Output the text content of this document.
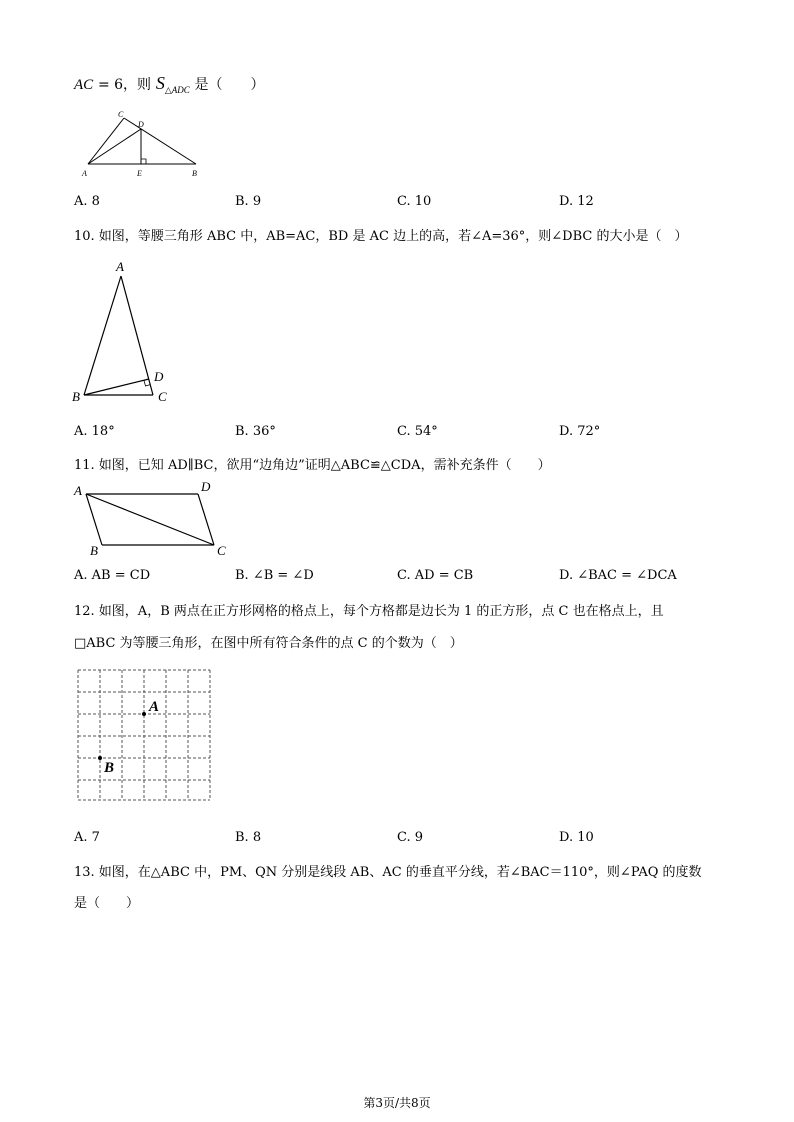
AC = 6，则 $S_{\triangle ADC}$ 是（　　）
A	B
C
D
E
A. 8	B. 9	C. 10	D. 12
10. 如图，等腰三角形 ABC 中，AB=AC，BD 是 AC 边上的高，若∠A=36°，则∠DBC 的大小是（　）
A
B	C
D
A. 18°	B. 36°	C. 54°	D. 72°
11. 如图，已知 AD∥BC，欲用“边角边”证明△ABC≌△CDA，需补充条件（　　）
A
B	C
D
A. AB = CD	B. ∠B = ∠D	C. AD = CB	D. ∠BAC = ∠DCA
12. 如图，A，B 两点在正方形网格的格点上，每个方格都是边长为 1 的正方形，点 C 也在格点上，且
□ABC 为等腰三角形，在图中所有符合条件的点 C 的个数为（　）
A
B
A. 7	B. 8	C. 9	D. 10
13. 如图，在△ABC 中，PM、QN 分别是线段 AB、AC 的垂直平分线，若∠BAC＝110°，则∠PAQ 的度数
是（　　）
第3页/共8页
